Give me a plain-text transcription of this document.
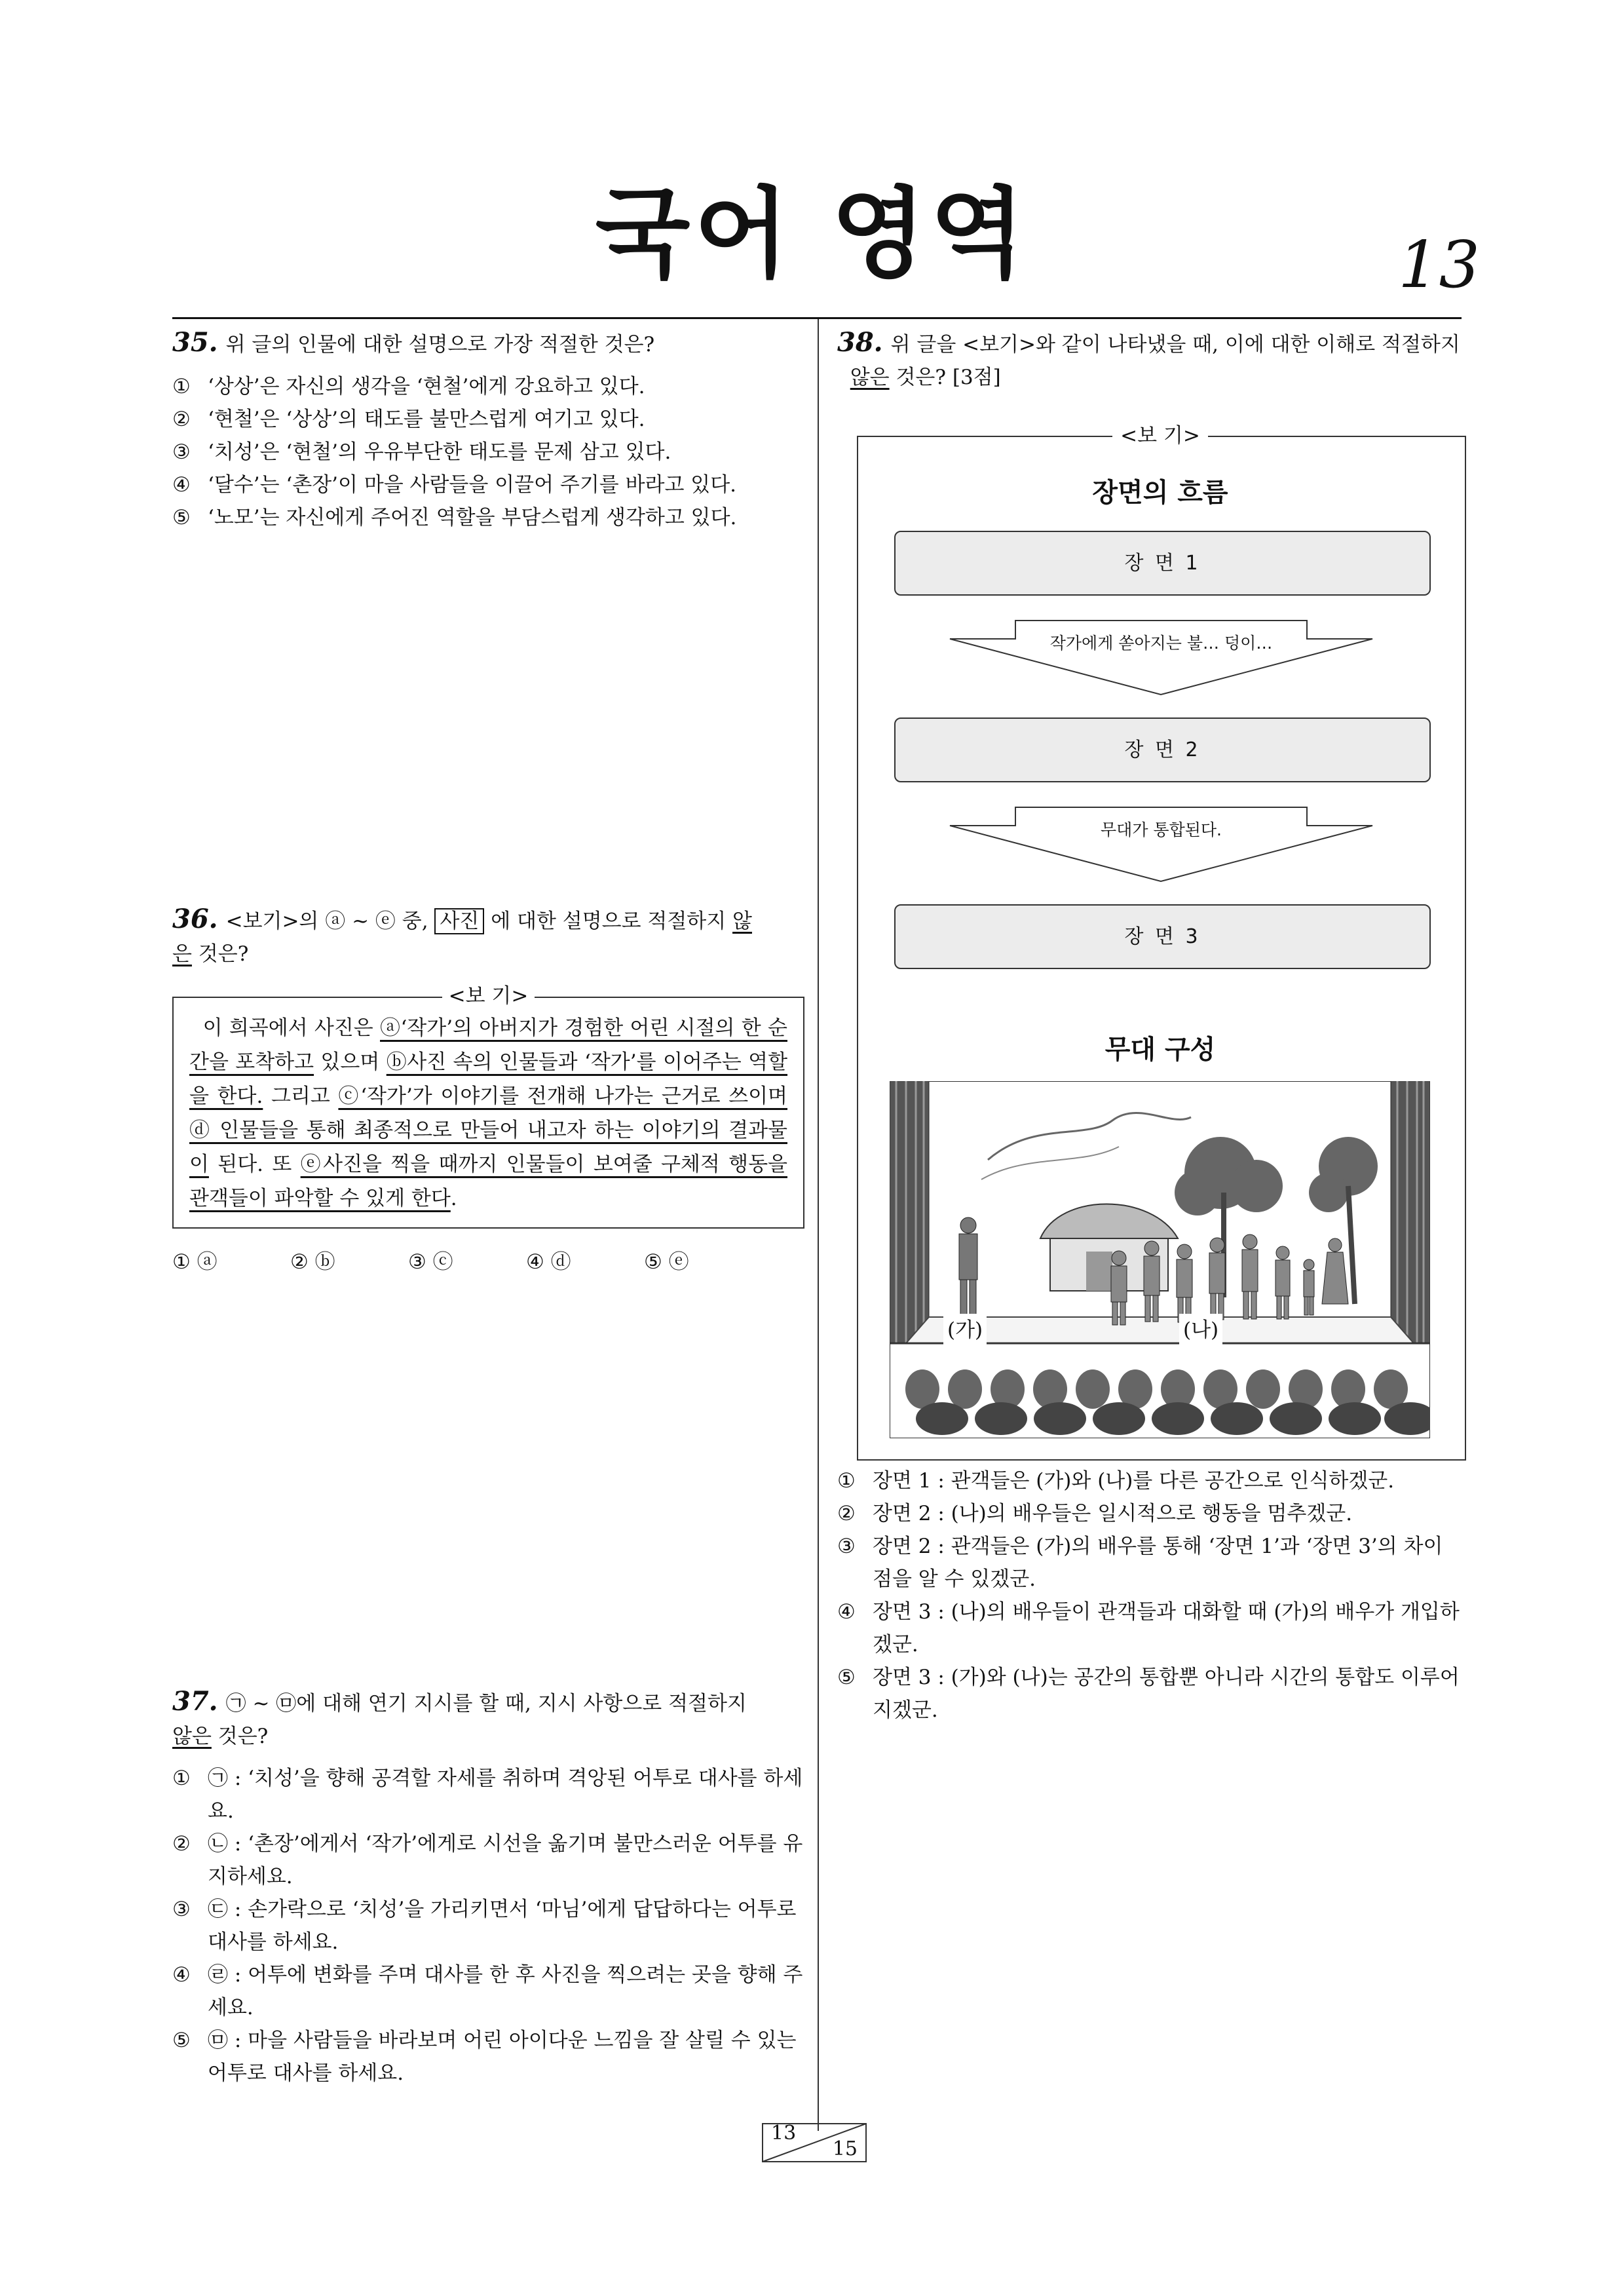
국어 영역	13
35. 위 글의 인물에 대한 설명으로 가장 적절한 것은?
① ‘상상’은 자신의 생각을 ‘현철’에게 강요하고 있다.
② ‘현철’은 ‘상상’의 태도를 불만스럽게 여기고 있다.
③ ‘치성’은 ‘현철’의 우유부단한 태도를 문제 삼고 있다.
④ ‘달수’는 ‘촌장’이 마을 사람들을 이끌어 주기를 바라고 있다.
⑤ ‘노모’는 자신에게 주어진 역할을 부담스럽게 생각하고 있다.
36. <보기>의 ⓐ ~ ⓔ 중, 사진 에 대한 설명으로 적절하지 않
은 것은?
<보 기>
이 희곡에서 사진은 ⓐ‘작가’의 아버지가 경험한 어린 시절의 한 순간을 포착하고 있으며 ⓑ사진 속의 인물들과 ‘작가’를 이어주는 역할을 한다. 그리고 ⓒ‘작가’가 이야기를 전개해 나가는 근거로 쓰이며 ⓓ 인물들을 통해 최종적으로 만들어 내고자 하는 이야기의 결과물이 된다. 또 ⓔ사진을 찍을 때까지 인물들이 보여줄 구체적 행동을 관객들이 파악할 수 있게 한다.
① ⓐ	② ⓑ	③ ⓒ	④ ⓓ	⑤ ⓔ
37. ㉠ ~ ㉤에 대해 연기 지시를 할 때, 지시 사항으로 적절하지
않은 것은?
① ㉠ : ‘치성’을 향해 공격할 자세를 취하며 격앙된 어투로 대사를 하세요.
② ㉡ : ‘촌장’에게서 ‘작가’에게로 시선을 옮기며 불만스러운 어투를 유지하세요.
③ ㉢ : 손가락으로 ‘치성’을 가리키면서 ‘마님’에게 답답하다는 어투로 대사를 하세요.
④ ㉣ : 어투에 변화를 주며 대사를 한 후 사진을 찍으려는 곳을 향해 주세요.
⑤ ㉤ : 마을 사람들을 바라보며 어린 아이다운 느낌을 잘 살릴 수 있는 어투로 대사를 하세요.
38. 위 글을 <보기>와 같이 나타냈을 때, 이에 대한 이해로 적절하지
않은 것은? [3점]
<보 기>
장면의 흐름
장 면 1
작가에게 쏟아지는 불… 덩이…
장 면 2
무대가 통합된다.
장 면 3
무대 구성
(가)	(나)
① 장면 1 : 관객들은 (가)와 (나)를 다른 공간으로 인식하겠군.
② 장면 2 : (나)의 배우들은 일시적으로 행동을 멈추겠군.
③ 장면 2 : 관객들은 (가)의 배우를 통해 ‘장면 1’과 ‘장면 3’의 차이점을 알 수 있겠군.
④ 장면 3 : (나)의 배우들이 관객들과 대화할 때 (가)의 배우가 개입하겠군.
⑤ 장면 3 : (가)와 (나)는 공간의 통합뿐 아니라 시간의 통합도 이루어지겠군.
13
15
